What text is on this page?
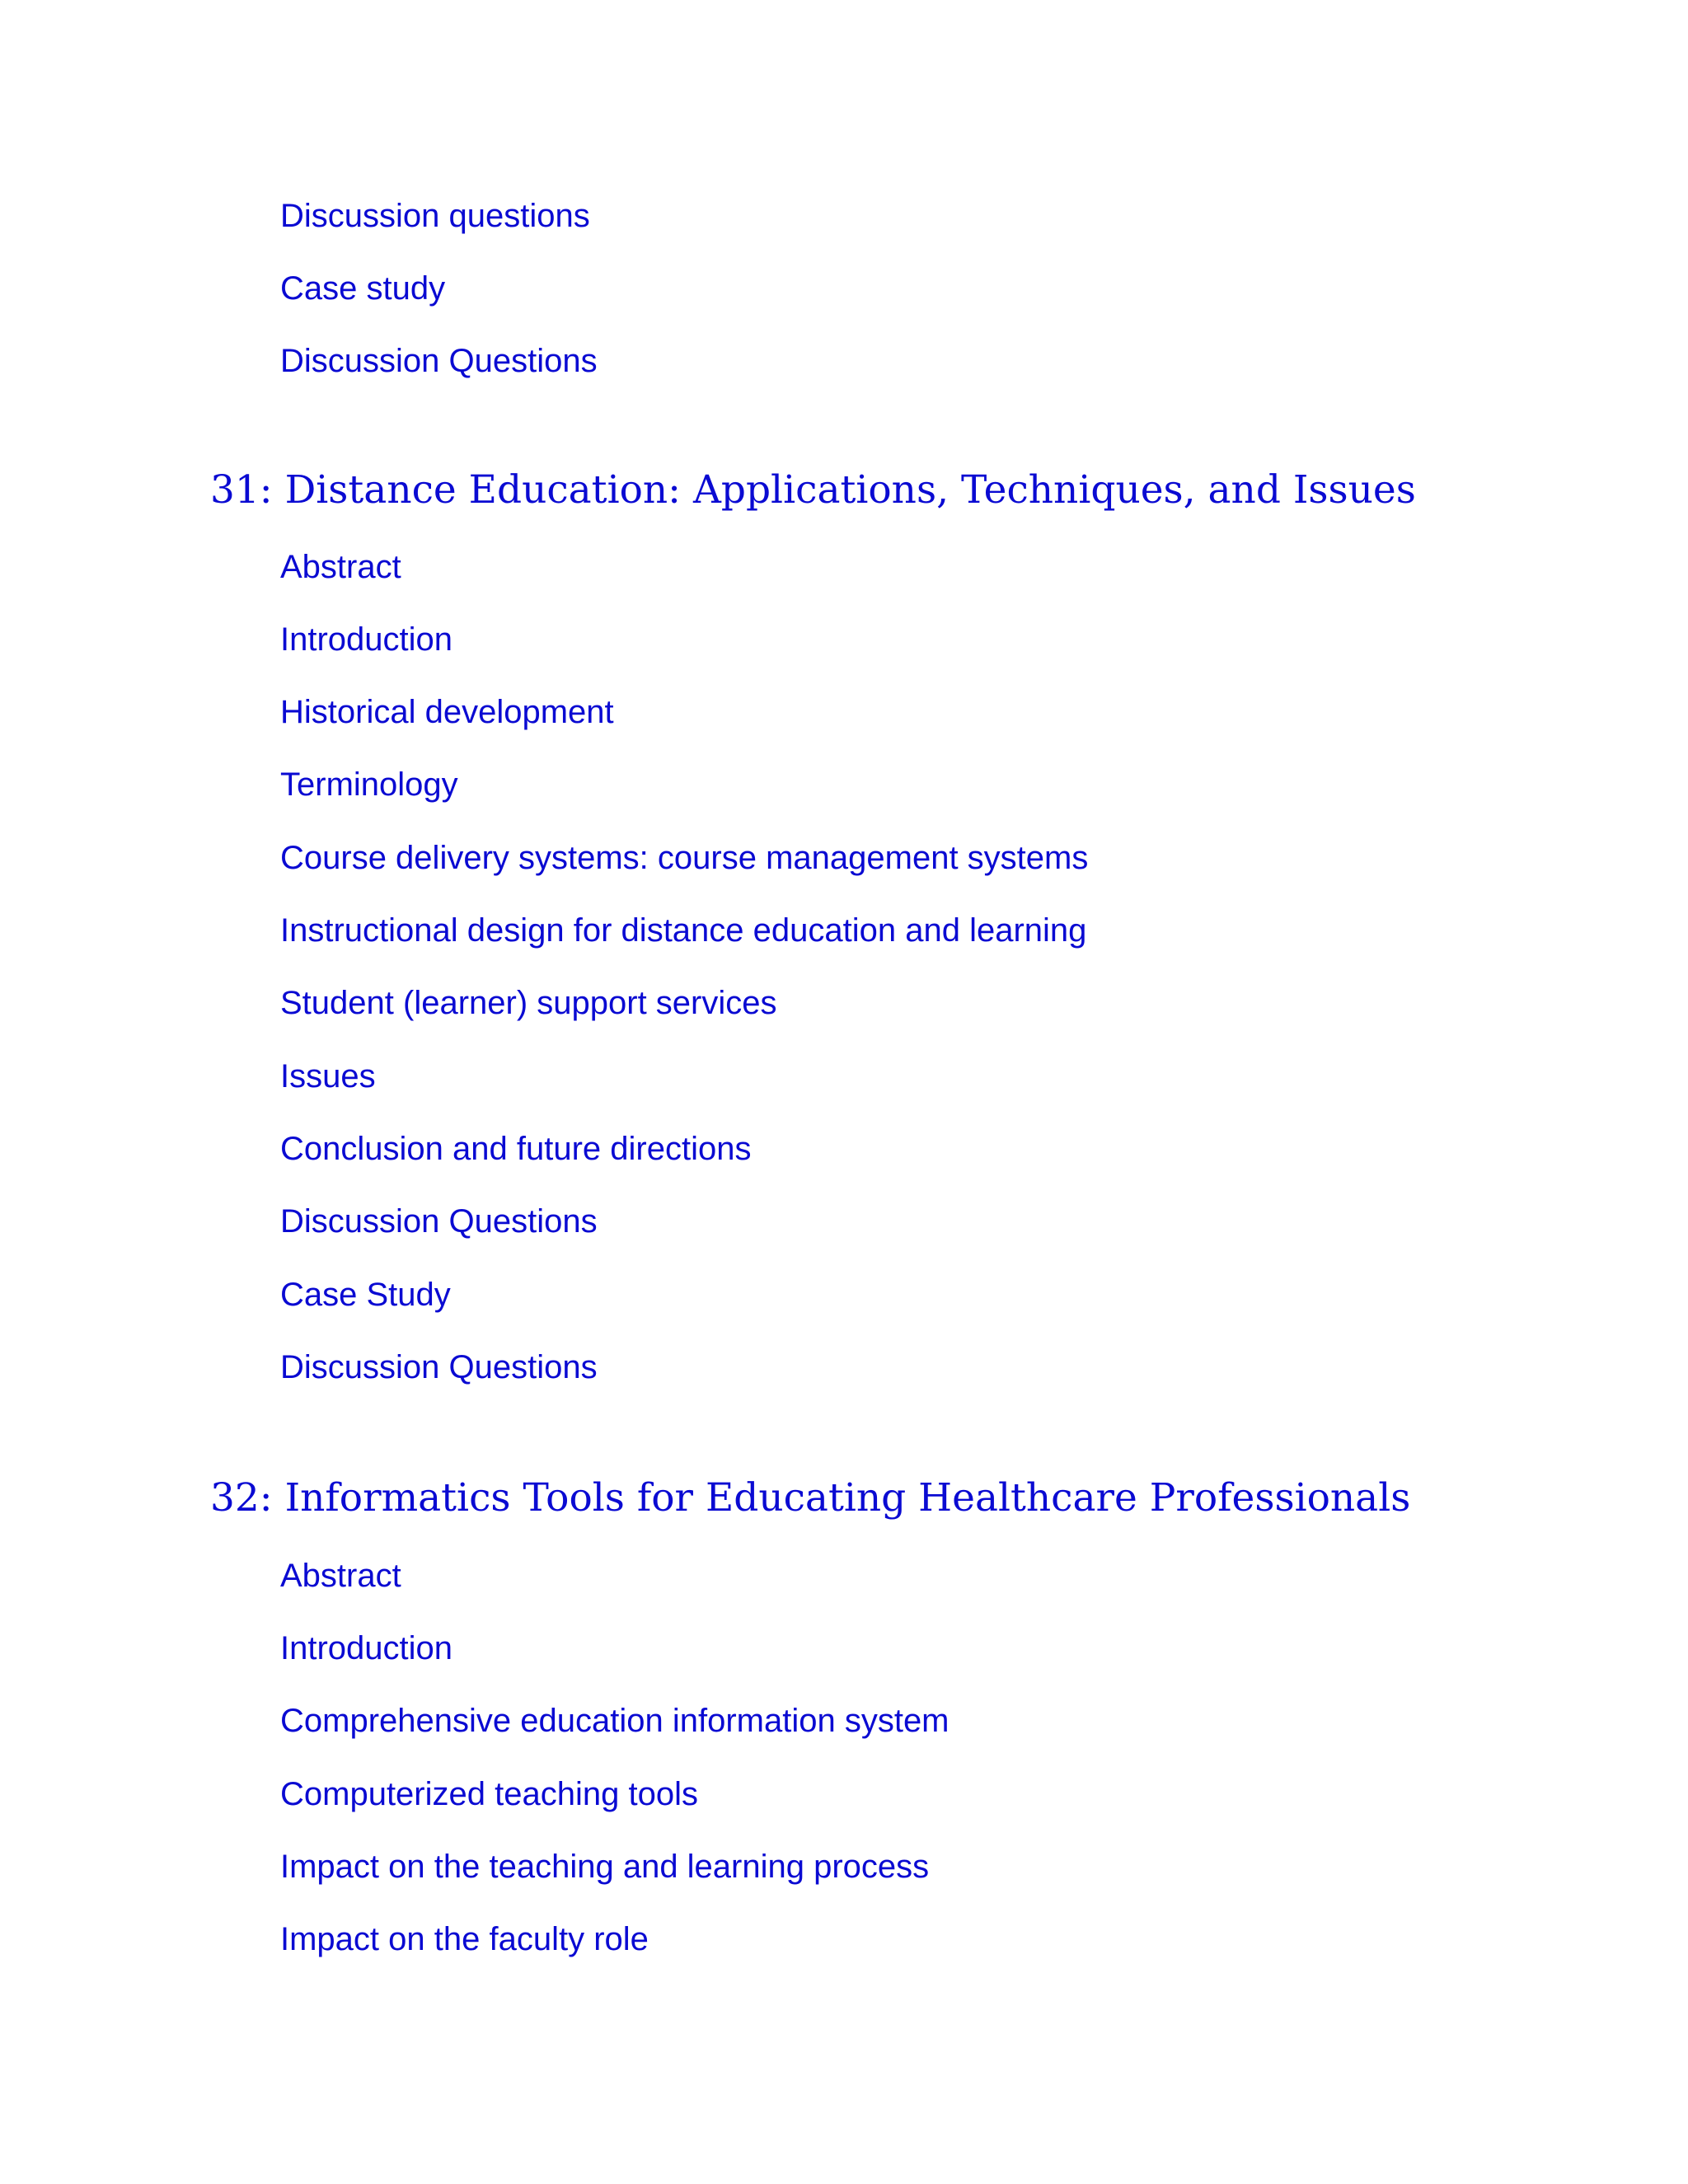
Discussion questions
Case study
Discussion Questions
31: Distance Education: Applications, Techniques, and Issues
Abstract
Introduction
Historical development
Terminology
Course delivery systems: course management systems
Instructional design for distance education and learning
Student (learner) support services
Issues
Conclusion and future directions
Discussion Questions
Case Study
Discussion Questions
32: Informatics Tools for Educating Healthcare Professionals
Abstract
Introduction
Comprehensive education information system
Computerized teaching tools
Impact on the teaching and learning process
Impact on the faculty role
